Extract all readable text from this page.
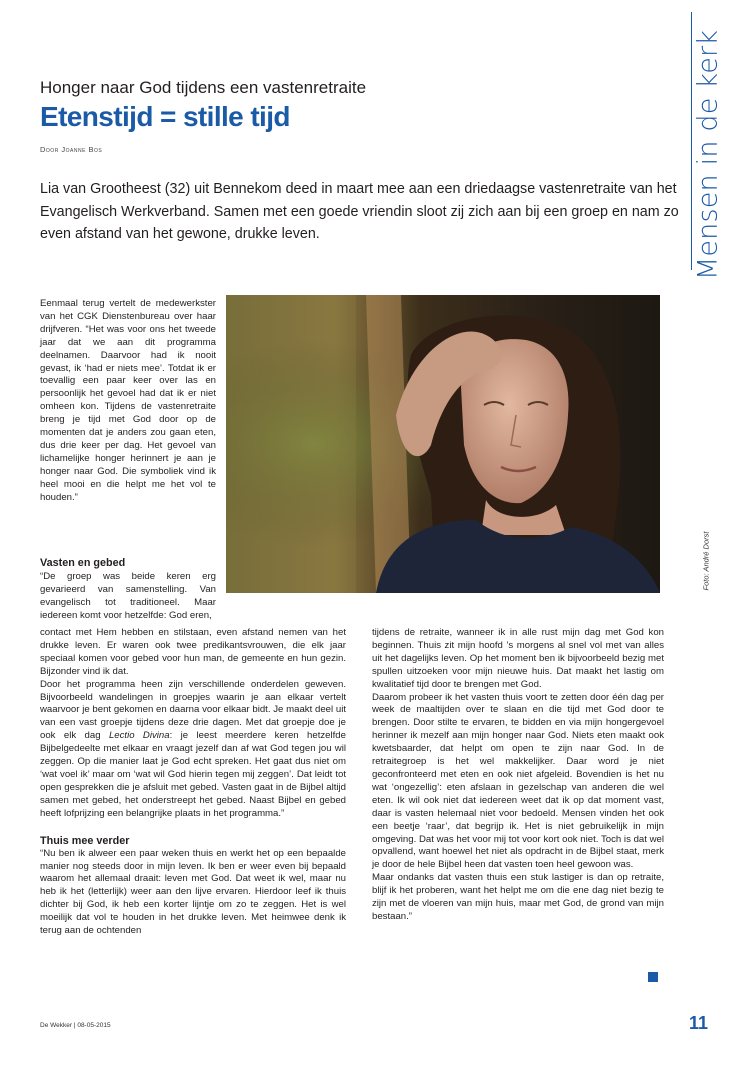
Mensen in de kerk
Honger naar God tijdens een vastenretraite
Etenstijd = stille tijd
Door Joanne Bos
Lia van Grootheest (32) uit Bennekom deed in maart mee aan een driedaagse vastenretraite van het Evangelisch Werkverband. Samen met een goede vriendin sloot zij zich aan bij een groep en nam zo even afstand van het gewone, drukke leven.
Foto: André Dorst

Eenmaal terug vertelt de medewerkster van het CGK Dienstenbureau over haar drijfveren. “Het was voor ons het tweede jaar dat we aan dit programma deelnamen. Daarvoor had ik nooit gevast, ik ‘had er niets mee’. Totdat ik er toevallig een paar keer over las en persoonlijk het gevoel had dat ik er niet omheen kon. Tijdens de vastenretraite breng je tijd met God door op de momenten dat je anders zou gaan eten, dus drie keer per dag. Het gevoel van lichamelijke honger herinnert je aan je honger naar God. Die symboliek vind ik heel mooi en die helpt me het vol te houden.”

Vasten en gebed

“De groep was beide keren erg gevarieerd van samenstelling. Van evangelisch tot traditioneel. Maar iedereen komt voor hetzelfde: God eren,

contact met Hem hebben en stilstaan, even afstand nemen van het drukke leven. Er waren ook twee predikantsvrouwen, die elk jaar speciaal komen voor gebed voor hun man, de gemeente en hun gezin. Bijzonder vind ik dat.

Door het programma heen zijn verschillende onderdelen geweven. Bijvoorbeeld wandelingen in groepjes waarin je aan elkaar vertelt waarvoor je bent gekomen en daarna voor elkaar bidt. Je maakt deel uit van een vast groepje tijdens deze drie dagen. Met dat groepje doe je ook elk dag Lectio Divina: je leest meerdere keren hetzelfde Bijbelgedeelte met elkaar en vraagt jezelf dan af wat God tegen jou wil zeggen. Op die manier laat je God echt spreken. Het gaat dus niet om ‘wat voel ik’ maar om ‘wat wil God hierin tegen mij zeggen’. Dat leidt tot open gesprekken die je afsluit met gebed. Vasten gaat in de Bijbel altijd samen met gebed, het onderstreept het gebed. Naast Bijbel en gebed heeft lofprijzing een belangrijke plaats in het programma.”

Thuis mee verder

“Nu ben ik alweer een paar weken thuis en werkt het op een bepaalde manier nog steeds door in mijn leven. Ik ben er weer even bij bepaald waarom het allemaal draait: leven met God. Dat weet ik wel, maar nu heb ik het (letterlijk) weer aan den lijve ervaren. Hierdoor leef ik thuis dichter bij God, ik heb een korter lijntje om zo te zeggen. Het is wel moeilijk dat vol te houden in het drukke leven. Met heimwee denk ik terug aan de ochtenden

tijdens de retraite, wanneer ik in alle rust mijn dag met God kon beginnen. Thuis zit mijn hoofd ’s morgens al snel vol met van alles uit het dagelijks leven. Op het moment ben ik bijvoorbeeld bezig met spullen uitzoeken voor mijn nieuwe huis. Dat maakt het lastig om kwalitatief tijd door te brengen met God.

Daarom probeer ik het vasten thuis voort te zetten door één dag per week de maaltijden over te slaan en die tijd met God door te brengen. Door stilte te ervaren, te bidden en via mijn hongergevoel herinner ik mezelf aan mijn honger naar God. Niets eten maakt ook kwetsbaarder, dat helpt om open te zijn naar God. In de retraitegroep is het wel makkelijker. Daar word je niet geconfronteerd met eten en ook niet afgeleid. Bovendien is het nu wat ‘ongezellig’: eten afslaan in gezelschap van anderen die wel eten. Ik wil ook niet dat iedereen weet dat ik op dat moment vast, daar is vasten helemaal niet voor bedoeld. Mensen vinden het ook een beetje ‘raar’, dat begrijp ik. Het is niet gebruikelijk in mijn omgeving. Dat was het voor mij tot voor kort ook niet. Toch is dat wel opvallend, want hoewel het niet als opdracht in de Bijbel staat, merk je door de hele Bijbel heen dat vasten toen heel gewoon was.

Maar ondanks dat vasten thuis een stuk lastiger is dan op retraite, blijf ik het proberen, want het helpt me om die ene dag niet bezig te zijn met de vloeren van mijn huis, maar met God, de grond van mijn bestaan.”

De Wekker | 08-05-2015	11
